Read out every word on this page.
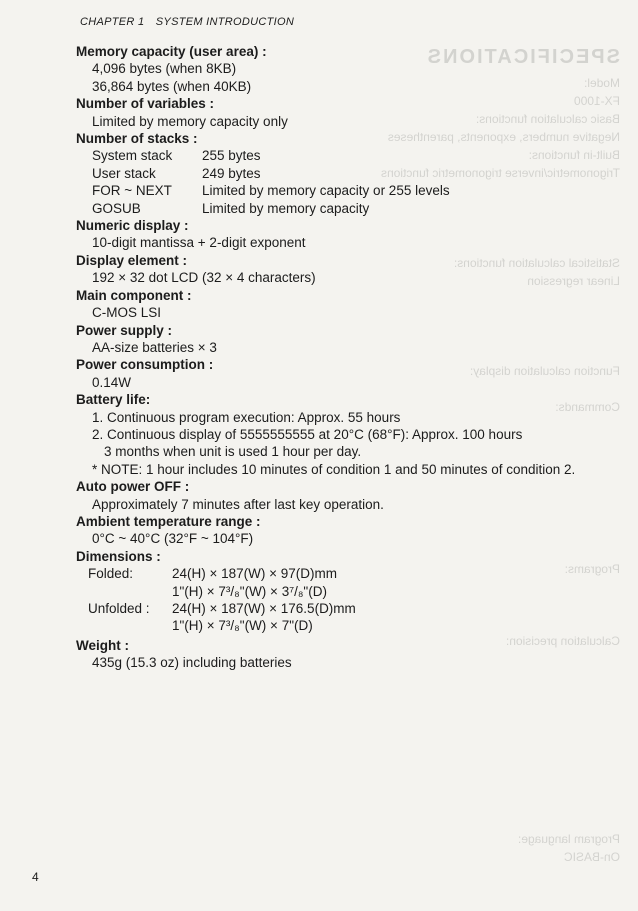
SPECIFICATIONS
Model:
FX-1000
Basic calculation functions:
Negative numbers, exponents, parentheses
Built-in functions:
Trigonometric/inverse trigonometric functions

Statistical calculation functions:
Linear regression

Function calculation display:

Commands:

Programs:

Calculation precision:

Program language:
On-BASIC
CHAPTER 1 SYSTEM INTRODUCTION
Memory capacity (user area) :
4,096 bytes (when 8KB)
36,864 bytes (when 40KB)
Number of variables :
Limited by memory capacity only
Number of stacks :
System stack	255 bytes
User stack	249 bytes
FOR ~ NEXT	Limited by memory capacity or 255 levels
GOSUB	Limited by memory capacity
Numeric display :
10-digit mantissa + 2-digit exponent
Display element :
192 × 32 dot LCD (32 × 4 characters)
Main component :
C-MOS LSI
Power supply :
AA-size batteries × 3
Power consumption :
0.14W
Battery life:
1. Continuous program execution: Approx. 55 hours
2. Continuous display of 5555555555 at 20°C (68°F): Approx. 100 hours
3 months when unit is used 1 hour per day.
* NOTE: 1 hour includes 10 minutes of condition 1 and 50 minutes of condition 2.
Auto power OFF :
Approximately 7 minutes after last key operation.
Ambient temperature range :
0°C ~ 40°C (32°F ~ 104°F)
Dimensions :
Folded:	24(H) × 187(W) × 97(D)mm
1"(H) × 7³/₈"(W) × 3⁷/₈"(D)
Unfolded :	24(H) × 187(W) × 176.5(D)mm
1"(H) × 7³/₈"(W) × 7"(D)
Weight :
435g (15.3 oz) including batteries
4
